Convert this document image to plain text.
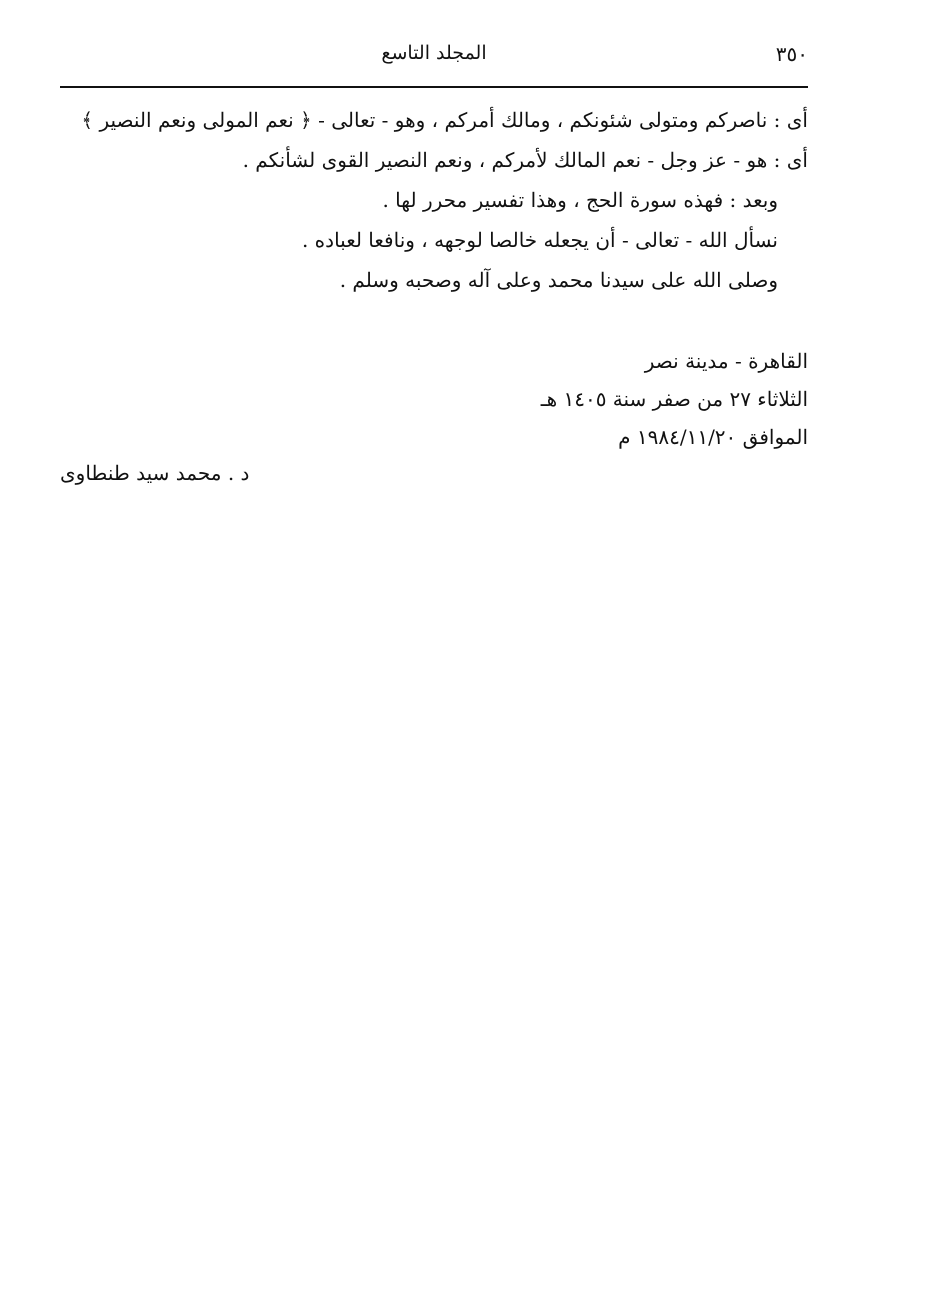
٣٥٠
المجلد التاسع
أى : ناصركم ومتولى شئونكم ، ومالك أمركم ، وهو - تعالى - ﴿ نعم المولى ونعم النصير ﴾
أى : هو - عز وجل - نعم المالك لأمركم ، ونعم النصير القوى لشأنكم .
وبعد : فهذه سورة الحج ، وهذا تفسير محرر لها .
نسأل الله - تعالى - أن يجعله خالصا لوجهه ، ونافعا لعباده .
وصلى الله على سيدنا محمد وعلى آله وصحبه وسلم .
القاهرة - مدينة نصر
الثلاثاء ٢٧ من صفر سنة ١٤٠٥ هـ
الموافق ١٩٨٤/١١/٢٠ م
د . محمد سيد طنطاوى
